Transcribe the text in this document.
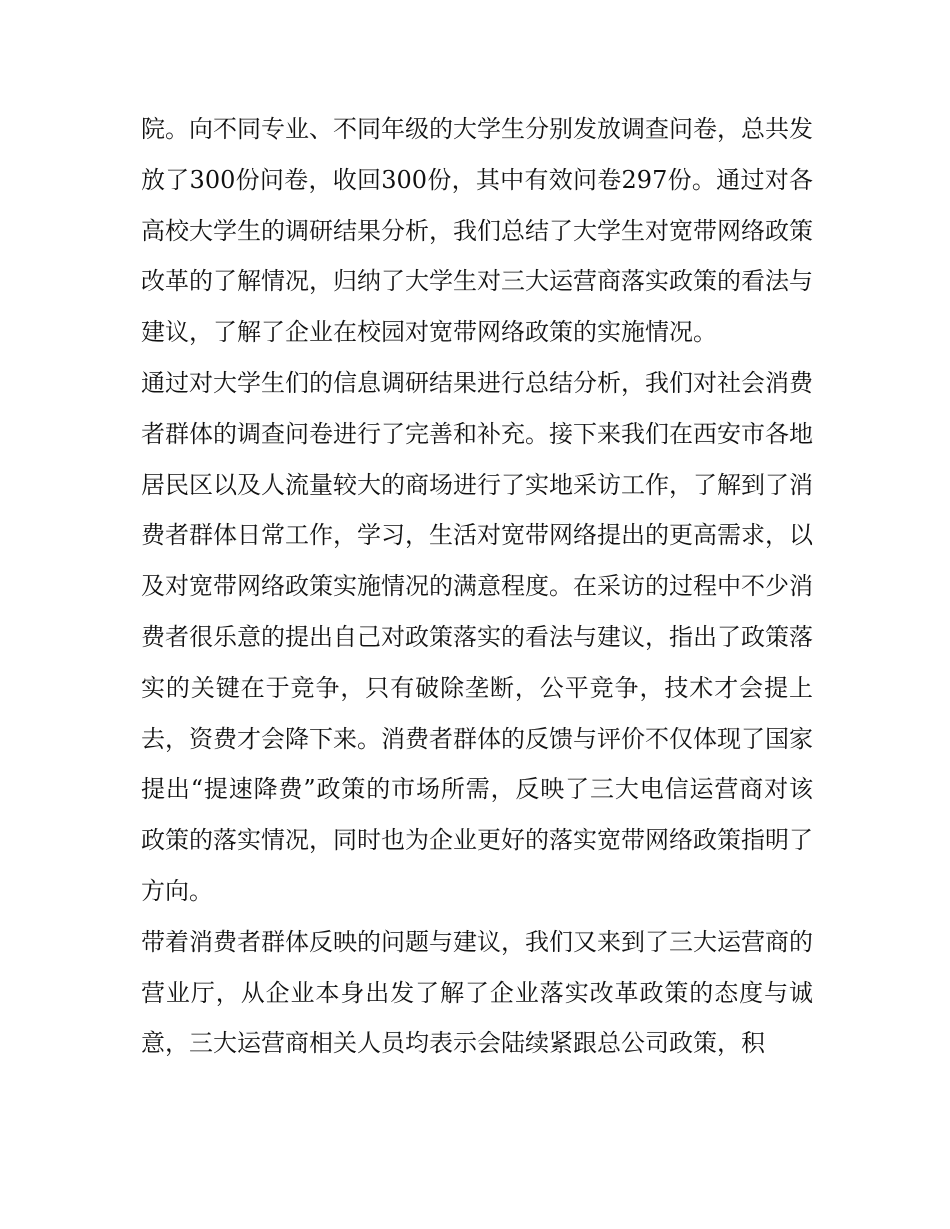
院。向不同专业、不同年级的大学生分别发放调查问卷，总共发放了300份问卷，收回300份，其中有效问卷297份。通过对各高校大学生的调研结果分析，我们总结了大学生对宽带网络政策改革的了解情况，归纳了大学生对三大运营商落实政策的看法与建议，了解了企业在校园对宽带网络政策的实施情况。

通过对大学生们的信息调研结果进行总结分析，我们对社会消费者群体的调查问卷进行了完善和补充。接下来我们在西安市各地居民区以及人流量较大的商场进行了实地采访工作，了解到了消费者群体日常工作，学习，生活对宽带网络提出的更高需求，以及对宽带网络政策实施情况的满意程度。在采访的过程中不少消费者很乐意的提出自己对政策落实的看法与建议，指出了政策落实的关键在于竞争，只有破除垄断，公平竞争，技术才会提上去，资费才会降下来。消费者群体的反馈与评价不仅体现了国家提出“提速降费”政策的市场所需，反映了三大电信运营商对该政策的落实情况，同时也为企业更好的落实宽带网络政策指明了方向。

带着消费者群体反映的问题与建议，我们又来到了三大运营商的营业厅，从企业本身出发了解了企业落实改革政策的态度与诚意，三大运营商相关人员均表示会陆续紧跟总公司政策，积
